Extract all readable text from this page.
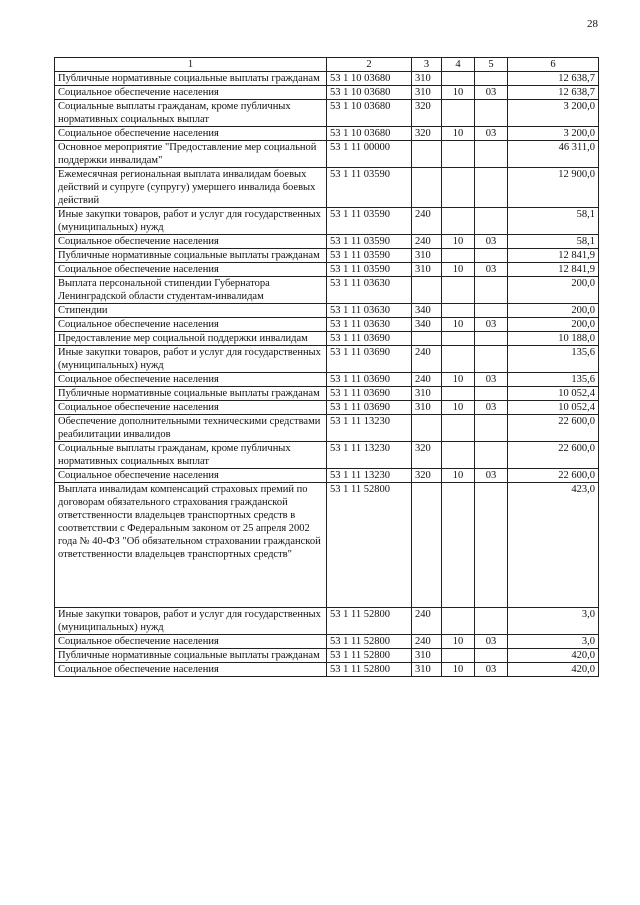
28
1	2	3	4	5	6
Публичные нормативные социальные выплаты гражданам	53 1 10 03680	310			12 638,7
Социальное обеспечение населения	53 1 10 03680	310	10	03	12 638,7
Социальные выплаты гражданам, кроме публичных нормативных социальных выплат	53 1 10 03680	320			3 200,0
Социальное обеспечение населения	53 1 10 03680	320	10	03	3 200,0
Основное мероприятие "Предоставление мер социальной поддержки инвалидам"	53 1 11 00000				46 311,0
Ежемесячная региональная выплата инвалидам боевых действий и супруге (супругу) умершего инвалида боевых действий	53 1 11 03590				12 900,0
Иные закупки товаров, работ и услуг для государственных (муниципальных) нужд	53 1 11 03590	240			58,1
Социальное обеспечение населения	53 1 11 03590	240	10	03	58,1
Публичные нормативные социальные выплаты гражданам	53 1 11 03590	310			12 841,9
Социальное обеспечение населения	53 1 11 03590	310	10	03	12 841,9
Выплата персональной стипендии Губернатора Ленинградской области студентам-инвалидам	53 1 11 03630				200,0
Стипендии	53 1 11 03630	340			200,0
Социальное обеспечение населения	53 1 11 03630	340	10	03	200,0
Предоставление мер социальной поддержки инвалидам	53 1 11 03690				10 188,0
Иные закупки товаров, работ и услуг для государственных (муниципальных) нужд	53 1 11 03690	240			135,6
Социальное обеспечение населения	53 1 11 03690	240	10	03	135,6
Публичные нормативные социальные выплаты гражданам	53 1 11 03690	310			10 052,4
Социальное обеспечение населения	53 1 11 03690	310	10	03	10 052,4
Обеспечение дополнительными техническими средствами реабилитации инвалидов	53 1 11 13230				22 600,0
Социальные выплаты гражданам, кроме публичных нормативных социальных выплат	53 1 11 13230	320			22 600,0
Социальное обеспечение населения	53 1 11 13230	320	10	03	22 600,0
Выплата инвалидам компенсаций страховых премий по договорам обязательного страхования гражданской ответственности владельцев транспортных средств в соответствии с Федеральным законом от 25 апреля 2002 года № 40-ФЗ "Об обязательном страховании гражданской ответственности владельцев транспортных средств"	53 1 11 52800				423,0
Иные закупки товаров, работ и услуг для государственных (муниципальных) нужд	53 1 11 52800	240			3,0
Социальное обеспечение населения	53 1 11 52800	240	10	03	3,0
Публичные нормативные социальные выплаты гражданам	53 1 11 52800	310			420,0
Социальное обеспечение населения	53 1 11 52800	310	10	03	420,0
